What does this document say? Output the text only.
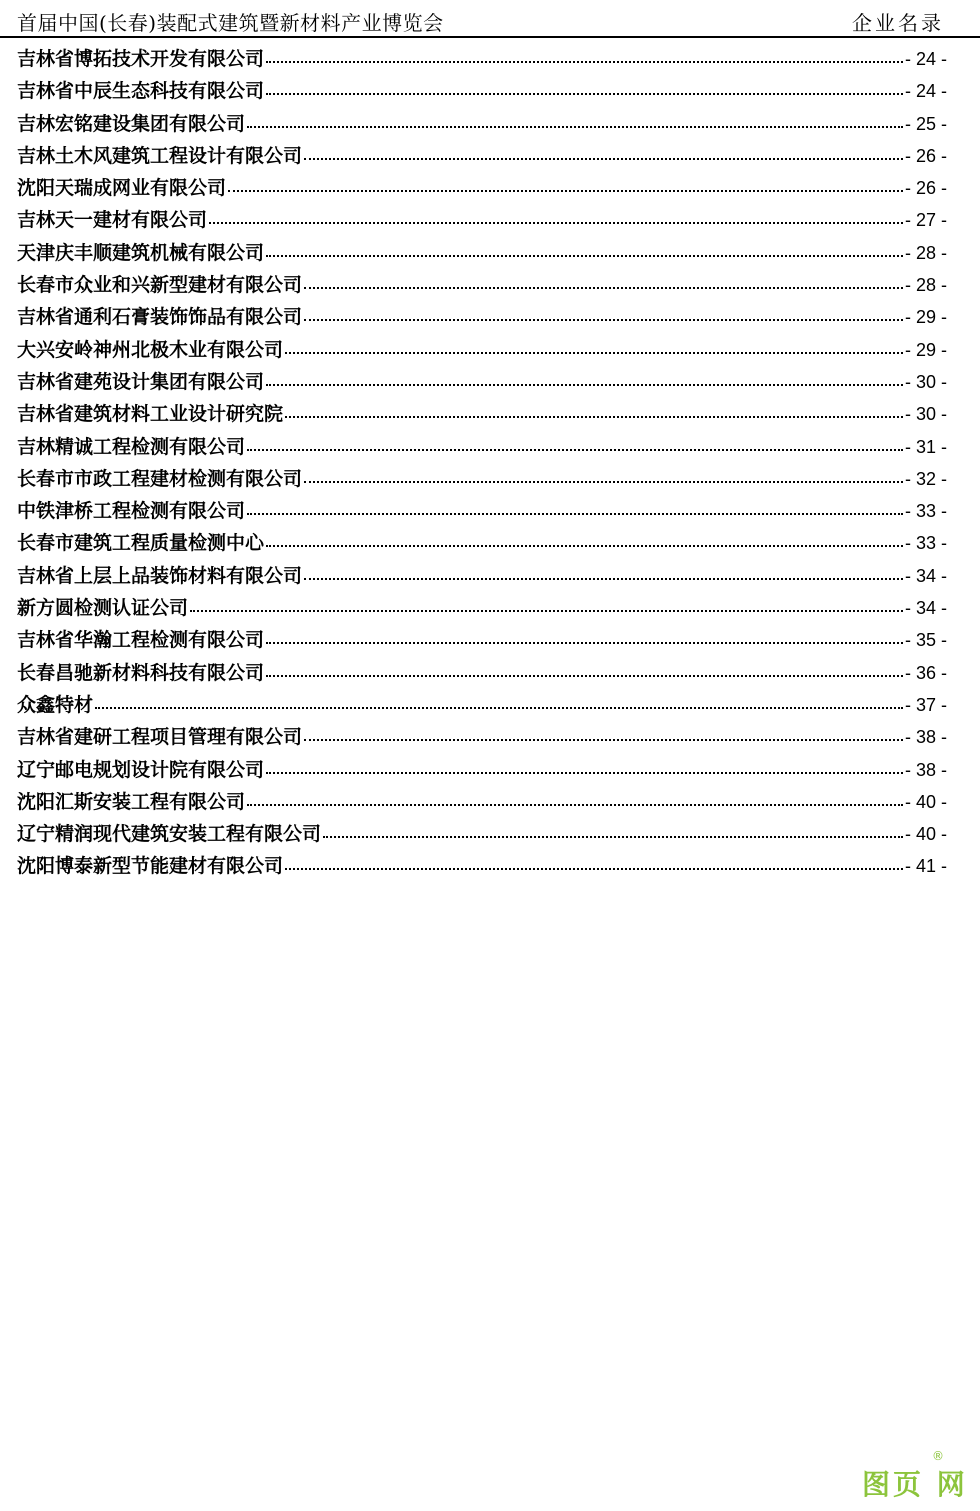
首届中国(长春)装配式建筑暨新材料产业博览会	企业名录
吉林省博拓技术开发有限公司	- 24 -
吉林省中辰生态科技有限公司	- 24 -
吉林宏铭建设集团有限公司	- 25 -
吉林土木风建筑工程设计有限公司	- 26 -
沈阳天瑞成网业有限公司	- 26 -
吉林天一建材有限公司	- 27 -
天津庆丰顺建筑机械有限公司	- 28 -
长春市众业和兴新型建材有限公司	- 28 -
吉林省通利石膏装饰饰品有限公司	- 29 -
大兴安岭神州北极木业有限公司	- 29 -
吉林省建苑设计集团有限公司	- 30 -
吉林省建筑材料工业设计研究院	- 30 -
吉林精诚工程检测有限公司	- 31 -
长春市市政工程建材检测有限公司	- 32 -
中铁津桥工程检测有限公司	- 33 -
长春市建筑工程质量检测中心	- 33 -
吉林省上层上品装饰材料有限公司	- 34 -
新方圆检测认证公司	- 34 -
吉林省华瀚工程检测有限公司	- 35 -
长春昌驰新材料科技有限公司	- 36 -
众鑫特材	- 37 -
吉林省建研工程项目管理有限公司	- 38 -
辽宁邮电规划设计院有限公司	- 38 -
沈阳汇斯安装工程有限公司	- 40 -
辽宁精润现代建筑安装工程有限公司	- 40 -
沈阳博泰新型节能建材有限公司	- 41 -
图页 网
®
